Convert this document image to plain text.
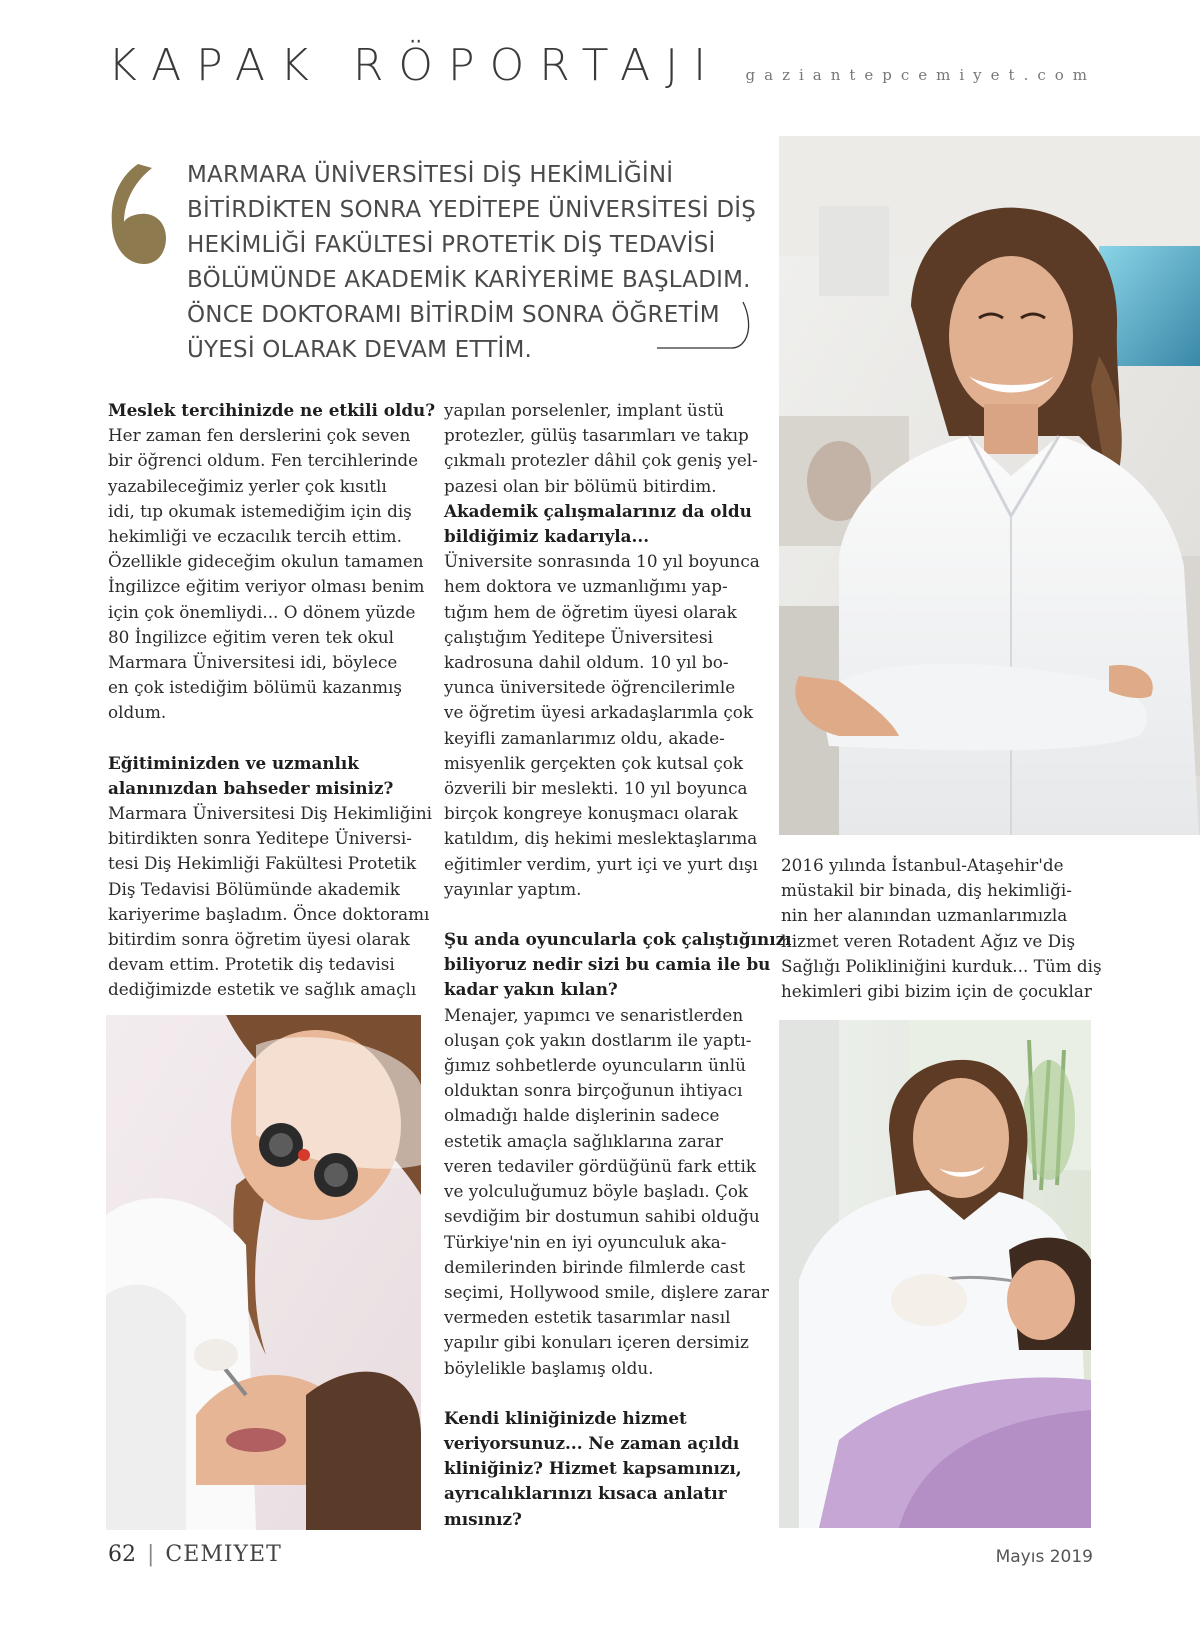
KAPAK RÖPORTAJI gaziantepcemiyet.com
MARMARA ÜNİVERSİTESİ DİŞ HEKİMLİĞİNİ
BİTİRDİKTEN SONRA YEDİTEPE ÜNİVERSİTESİ DİŞ
HEKİMLİĞİ FAKÜLTESİ PROTETİK DİŞ TEDAVİSİ
BÖLÜMÜNDE AKADEMİK KARİYERİME BAŞLADIM.
ÖNCE DOKTORAMI BİTİRDİM SONRA ÖĞRETİM
ÜYESİ OLARAK DEVAM ETTİM.

Meslek tercihinizde ne etkili oldu?

Her zaman fen derslerini çok seven
bir öğrenci oldum. Fen tercihlerinde
yazabileceğimiz yerler çok kısıtlı
idi, tıp okumak istemediğim için diş
hekimliği ve eczacılık tercih ettim.
Özellikle gideceğim okulun tamamen
İngilizce eğitim veriyor olması benim
için çok önemliydi... O dönem yüzde
80 İngilizce eğitim veren tek okul
Marmara Üniversitesi idi, böylece
en çok istediğim bölümü kazanmış
oldum.

Eğitiminizden ve uzmanlık
alanınızdan bahseder misiniz?

Marmara Üniversitesi Diş Hekimliğini
bitirdikten sonra Yeditepe Üniversi-
tesi Diş Hekimliği Fakültesi Protetik
Diş Tedavisi Bölümünde akademik
kariyerime başladım. Önce doktoramı
bitirdim sonra öğretim üyesi olarak
devam ettim. Protetik diş tedavisi
dediğimizde estetik ve sağlık amaçlı

yapılan porselenler, implant üstü
protezler, gülüş tasarımları ve takıp
çıkmalı protezler dâhil çok geniş yel-
pazesi olan bir bölümü bitirdim.

Akademik çalışmalarınız da oldu
bildiğimiz kadarıyla...

Üniversite sonrasında 10 yıl boyunca
hem doktora ve uzmanlığımı yap-
tığım hem de öğretim üyesi olarak
çalıştığım Yeditepe Üniversitesi
kadrosuna dahil oldum. 10 yıl bo-
yunca üniversitede öğrencilerimle
ve öğretim üyesi arkadaşlarımla çok
keyifli zamanlarımız oldu, akade-
misyenlik gerçekten çok kutsal çok
özverili bir meslekti. 10 yıl boyunca
birçok kongreye konuşmacı olarak
katıldım, diş hekimi meslektaşlarıma
eğitimler verdim, yurt içi ve yurt dışı
yayınlar yaptım.

Şu anda oyuncularla çok çalıştığınızı
biliyoruz nedir sizi bu camia ile bu
kadar yakın kılan?

Menajer, yapımcı ve senaristlerden
oluşan çok yakın dostlarım ile yaptı-
ğımız sohbetlerde oyuncuların ünlü
olduktan sonra birçoğunun ihtiyacı
olmadığı halde dişlerinin sadece
estetik amaçla sağlıklarına zarar
veren tedaviler gördüğünü fark ettik
ve yolculuğumuz böyle başladı. Çok
sevdiğim bir dostumun sahibi olduğu
Türkiye'nin en iyi oyunculuk aka-
demilerinden birinde filmlerde cast
seçimi, Hollywood smile, dişlere zarar
vermeden estetik tasarımlar nasıl
yapılır gibi konuları içeren dersimiz
böylelikle başlamış oldu.

Kendi kliniğinizde hizmet
veriyorsunuz... Ne zaman açıldı
kliniğiniz? Hizmet kapsamınızı,
ayrıcalıklarınızı kısaca anlatır
mısınız?

2016 yılında İstanbul-Ataşehir'de
müstakil bir binada, diş hekimliği-
nin her alanından uzmanlarımızla
hizmet veren Rotadent Ağız ve Diş
Sağlığı Polikliniğini kurduk... Tüm diş
hekimleri gibi bizim için de çocuklar

62 | CEMIYET	Mayıs 2019
